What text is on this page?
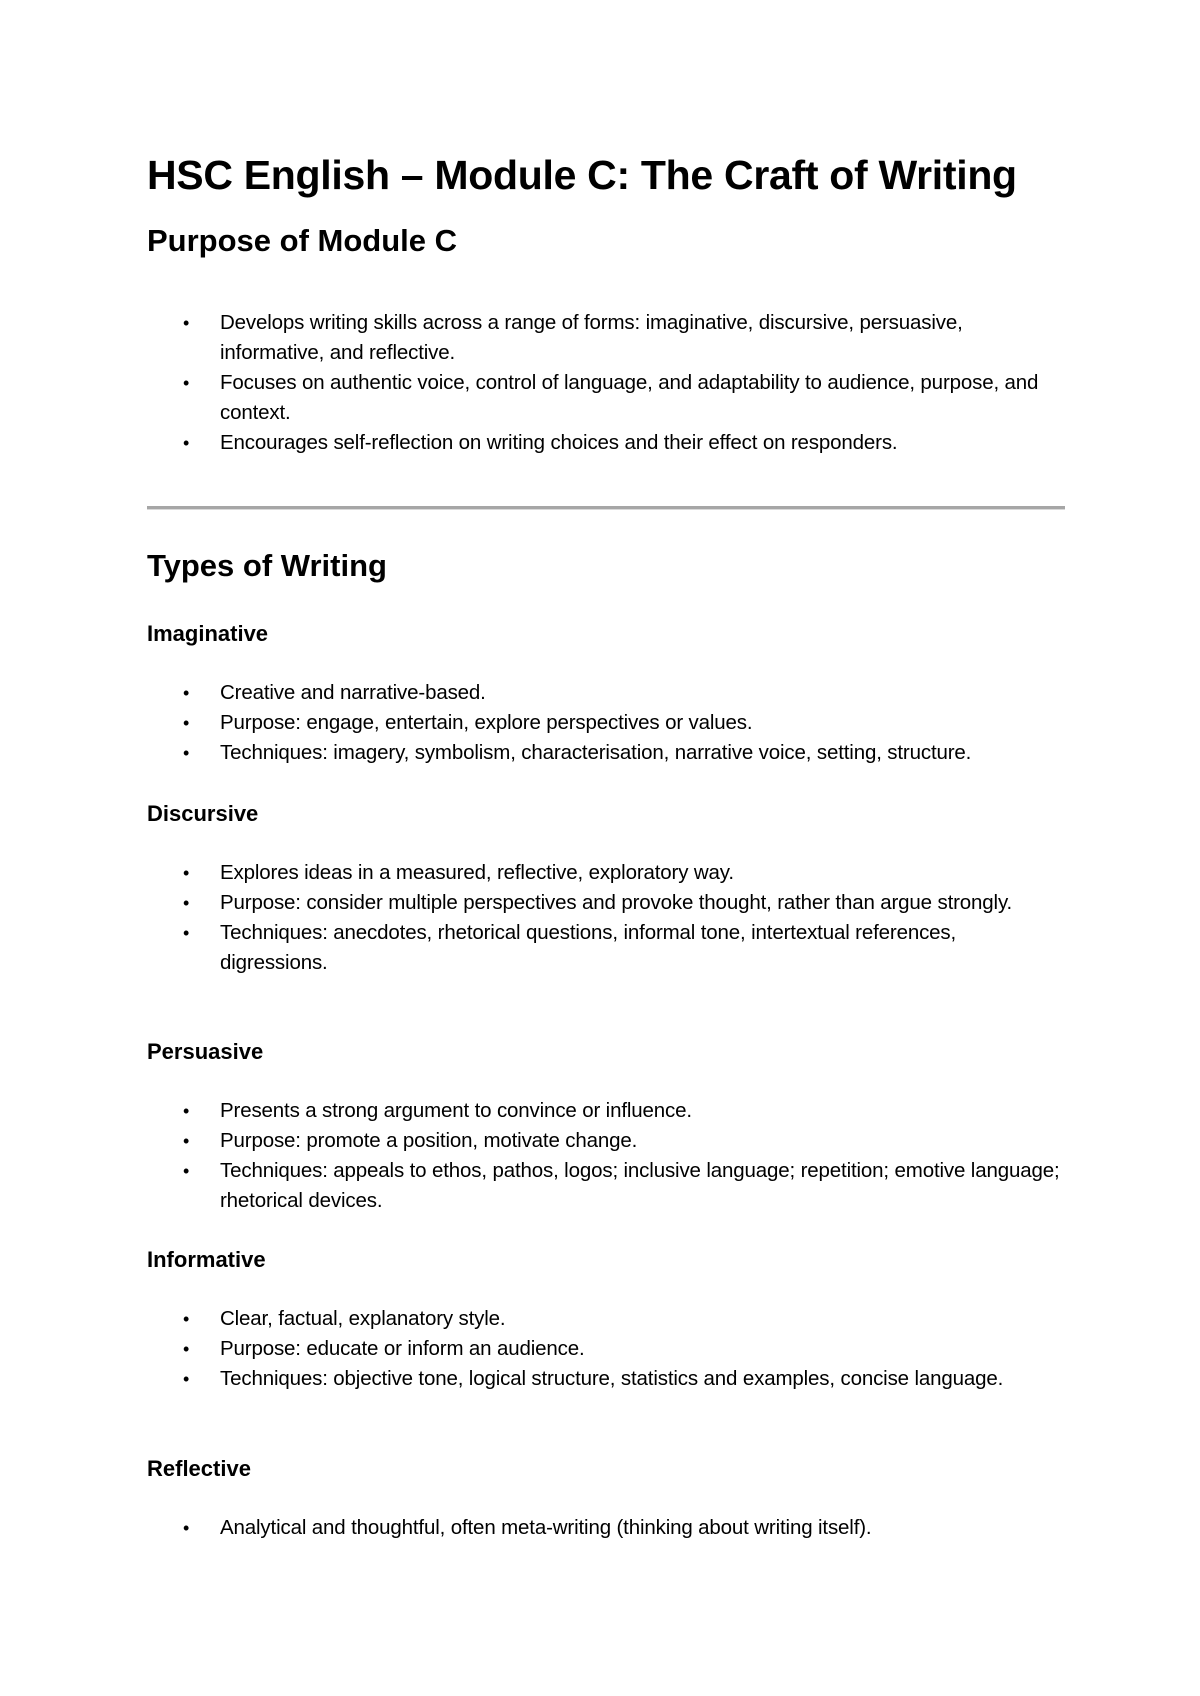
HSC English – Module C: The Craft of Writing
Purpose of Module C
• Develops writing skills across a range of forms: imaginative, discursive, persuasive, informative, and reflective.
• Focuses on authentic voice, control of language, and adaptability to audience, purpose, and context.
• Encourages self-reflection on writing choices and their effect on responders.
Types of Writing
Imaginative
• Creative and narrative-based.
• Purpose: engage, entertain, explore perspectives or values.
• Techniques: imagery, symbolism, characterisation, narrative voice, setting, structure.
Discursive
• Explores ideas in a measured, reflective, exploratory way.
• Purpose: consider multiple perspectives and provoke thought, rather than argue strongly.
• Techniques: anecdotes, rhetorical questions, informal tone, intertextual references, digressions.
Persuasive
• Presents a strong argument to convince or influence.
• Purpose: promote a position, motivate change.
• Techniques: appeals to ethos, pathos, logos; inclusive language; repetition; emotive language; rhetorical devices.
Informative
• Clear, factual, explanatory style.
• Purpose: educate or inform an audience.
• Techniques: objective tone, logical structure, statistics and examples, concise language.
Reflective
• Analytical and thoughtful, often meta-writing (thinking about writing itself).
